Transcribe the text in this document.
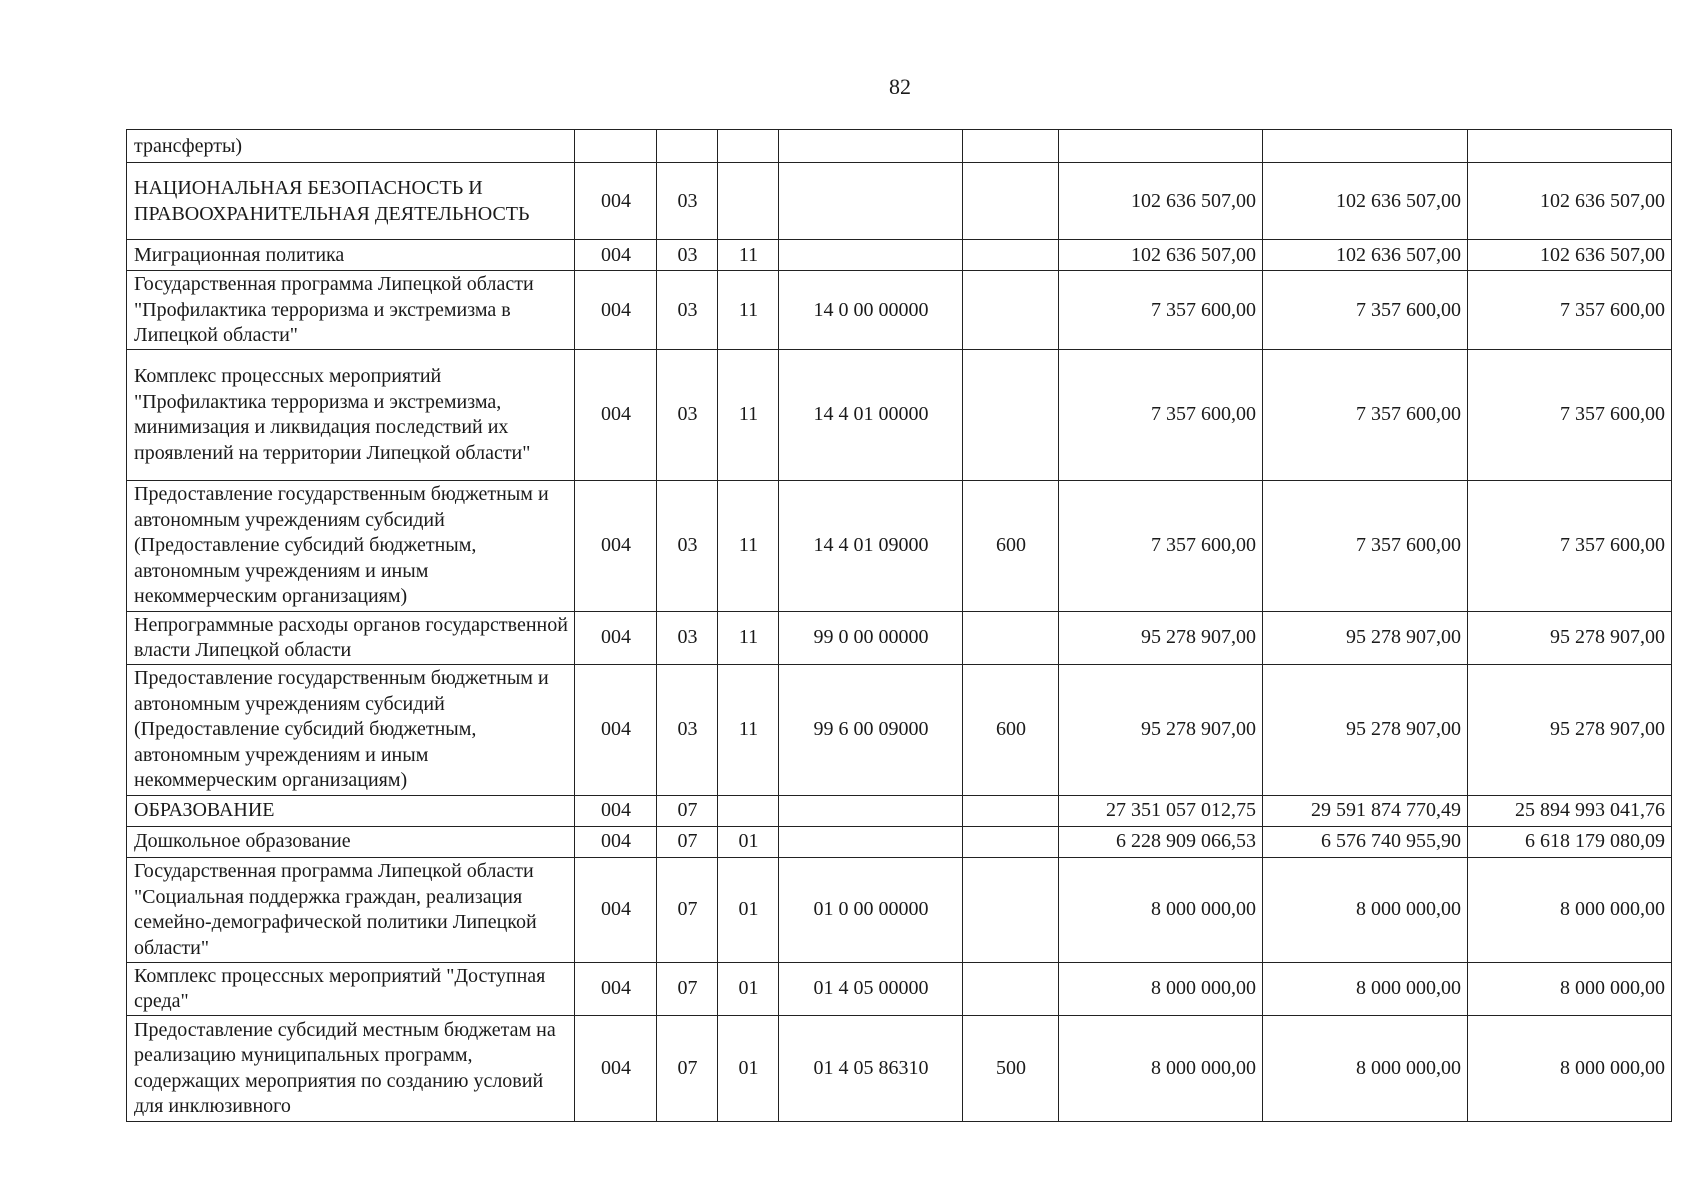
82
трансферты)								
НАЦИОНАЛЬНАЯ БЕЗОПАСНОСТЬ И ПРАВООХРАНИТЕЛЬНАЯ ДЕЯТЕЛЬНОСТЬ	004	03				102 636 507,00	102 636 507,00	102 636 507,00
Миграционная политика	004	03	11			102 636 507,00	102 636 507,00	102 636 507,00
Государственная программа Липецкой области "Профилактика терроризма и экстремизма в Липецкой области"	004	03	11	14 0 00 00000		7 357 600,00	7 357 600,00	7 357 600,00
Комплекс процессных мероприятий "Профилактика терроризма и экстремизма, минимизация и ликвидация последствий их проявлений на территории Липецкой области"	004	03	11	14 4 01 00000		7 357 600,00	7 357 600,00	7 357 600,00
Предоставление государственным бюджетным и автономным учреждениям субсидий (Предоставление субсидий бюджетным, автономным учреждениям и иным некоммерческим организациям)	004	03	11	14 4 01 09000	600	7 357 600,00	7 357 600,00	7 357 600,00
Непрограммные расходы органов государственной власти Липецкой области	004	03	11	99 0 00 00000		95 278 907,00	95 278 907,00	95 278 907,00
Предоставление государственным бюджетным и автономным учреждениям субсидий (Предоставление субсидий бюджетным, автономным учреждениям и иным некоммерческим организациям)	004	03	11	99 6 00 09000	600	95 278 907,00	95 278 907,00	95 278 907,00
ОБРАЗОВАНИЕ	004	07				27 351 057 012,75	29 591 874 770,49	25 894 993 041,76
Дошкольное образование	004	07	01			6 228 909 066,53	6 576 740 955,90	6 618 179 080,09
Государственная программа Липецкой области "Социальная поддержка граждан, реализация семейно-демографической политики Липецкой области"	004	07	01	01 0 00 00000		8 000 000,00	8 000 000,00	8 000 000,00
Комплекс процессных мероприятий "Доступная среда"	004	07	01	01 4 05 00000		8 000 000,00	8 000 000,00	8 000 000,00
Предоставление субсидий местным бюджетам на реализацию муниципальных программ, содержащих мероприятия по созданию условий для инклюзивного	004	07	01	01 4 05 86310	500	8 000 000,00	8 000 000,00	8 000 000,00
